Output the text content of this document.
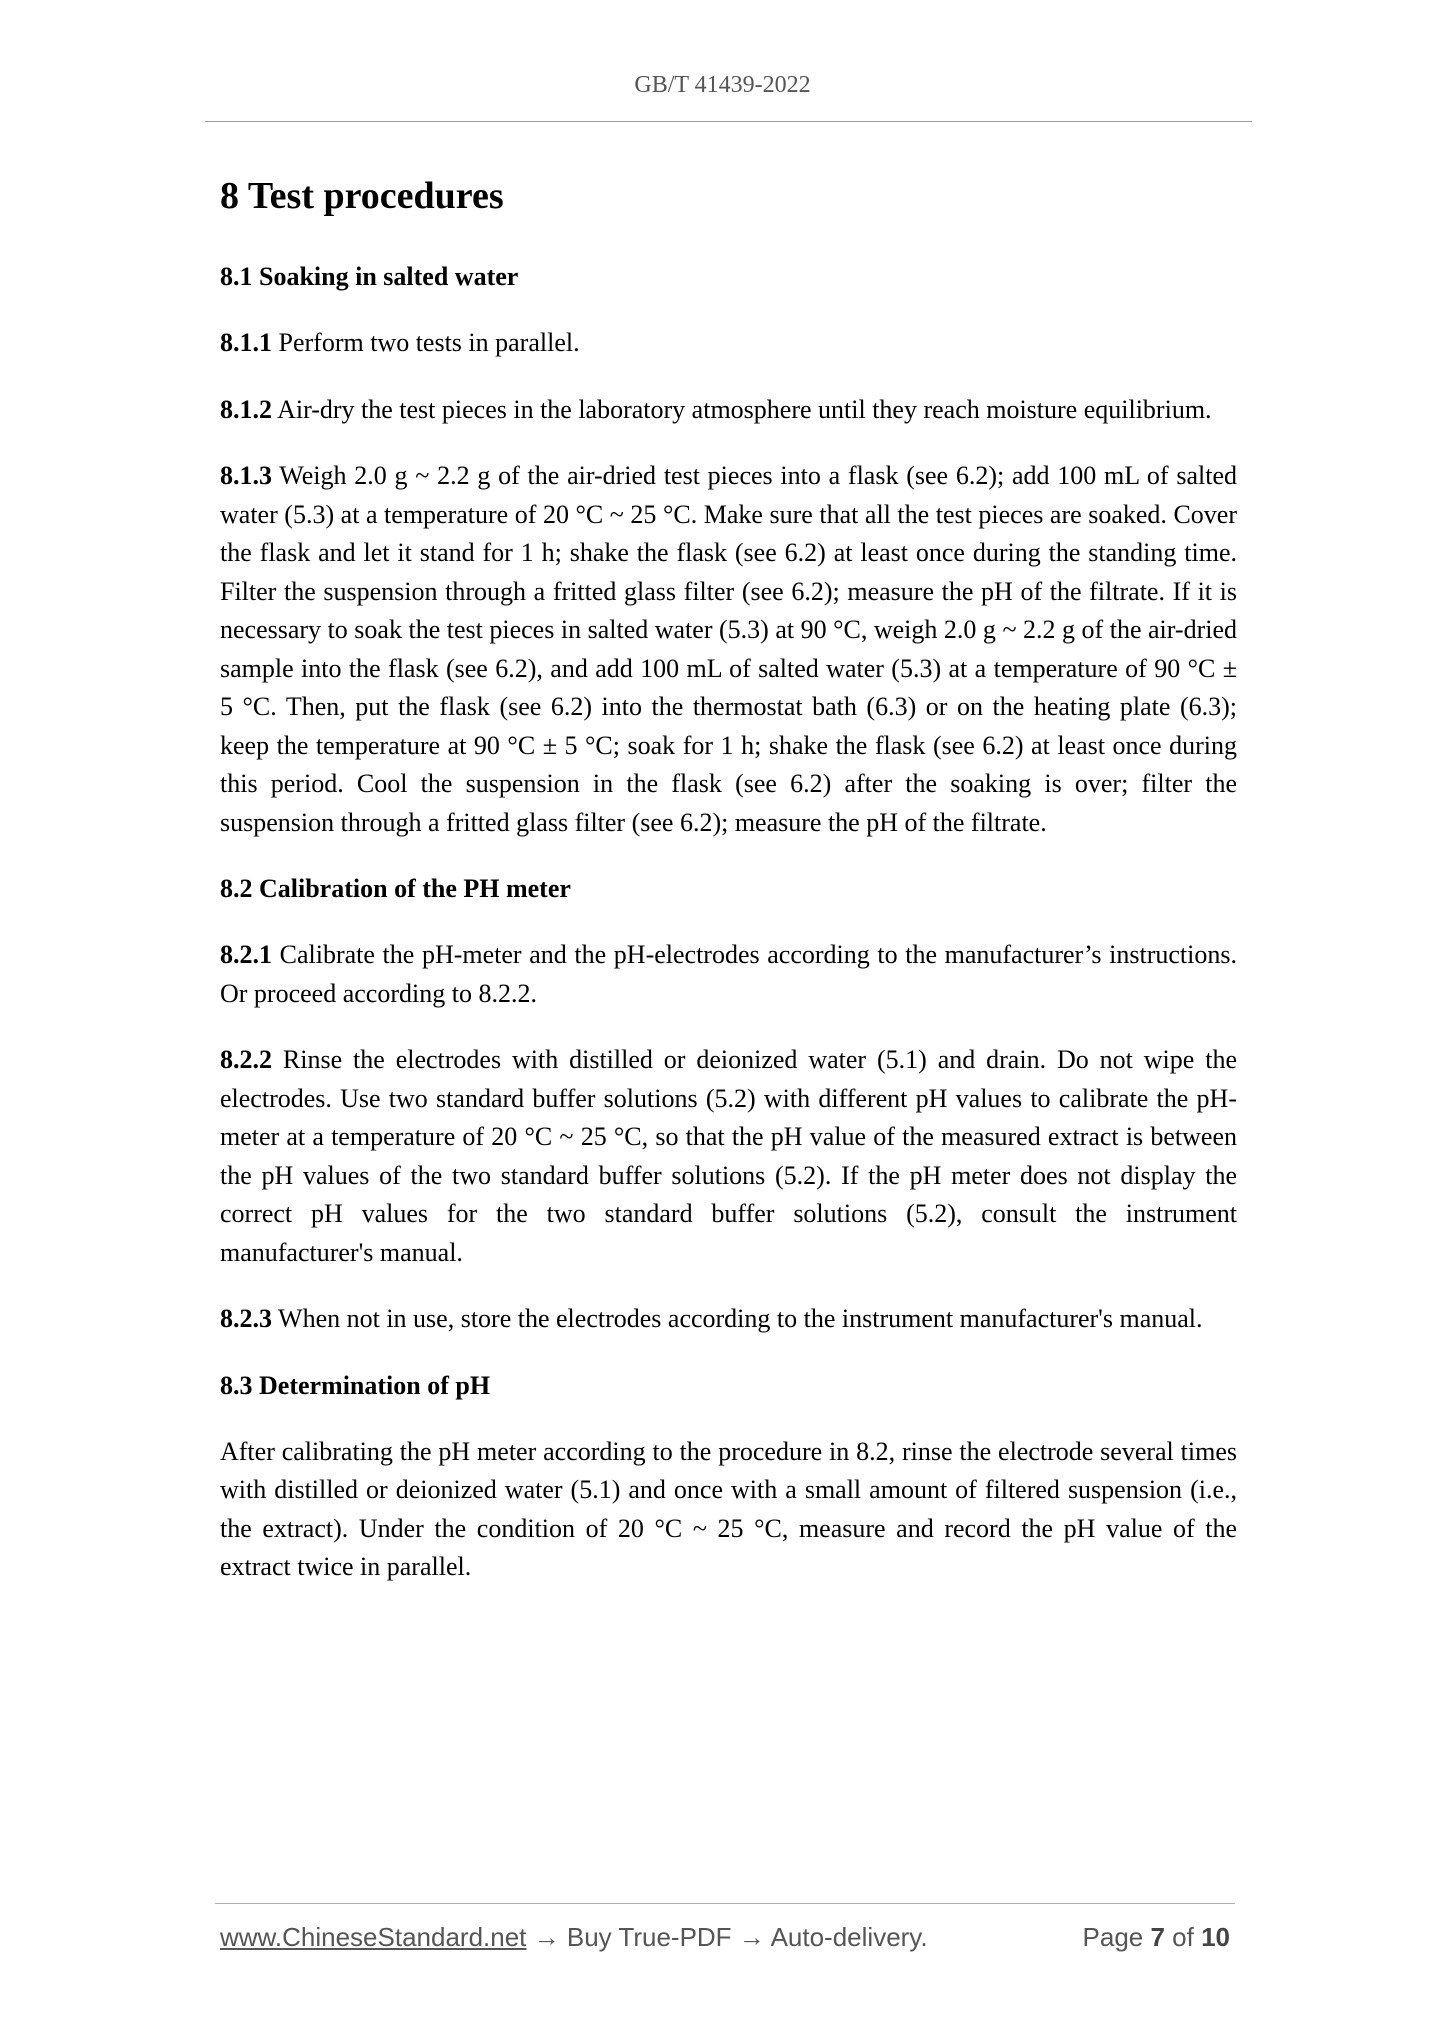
GB/T 41439-2022
8 Test procedures
8.1 Soaking in salted water

8.1.1 Perform two tests in parallel.

8.1.2 Air-dry the test pieces in the laboratory atmosphere until they reach moisture equilibrium.

8.1.3 Weigh 2.0 g ~ 2.2 g of the air-dried test pieces into a flask (see 6.2); add 100 mL of salted water (5.3) at a temperature of 20 °C ~ 25 °C. Make sure that all the test pieces are soaked. Cover the flask and let it stand for 1 h; shake the flask (see 6.2) at least once during the standing time. Filter the suspension through a fritted glass filter (see 6.2); measure the pH of the filtrate. If it is necessary to soak the test pieces in salted water (5.3) at 90 °C, weigh 2.0 g ~ 2.2 g of the air-dried sample into the flask (see 6.2), and add 100 mL of salted water (5.3) at a temperature of 90 °C ± 5 °C. Then, put the flask (see 6.2) into the thermostat bath (6.3) or on the heating plate (6.3); keep the temperature at 90 °C ± 5 °C; soak for 1 h; shake the flask (see 6.2) at least once during this period. Cool the suspension in the flask (see 6.2) after the soaking is over; filter the suspension through a fritted glass filter (see 6.2); measure the pH of the filtrate.

8.2 Calibration of the PH meter

8.2.1 Calibrate the pH-meter and the pH-electrodes according to the manufacturer’s instructions. Or proceed according to 8.2.2.

8.2.2 Rinse the electrodes with distilled or deionized water (5.1) and drain. Do not wipe the electrodes. Use two standard buffer solutions (5.2) with different pH values to calibrate the pH-meter at a temperature of 20 °C ~ 25 °C, so that the pH value of the measured extract is between the pH values of the two standard buffer solutions (5.2). If the pH meter does not display the correct pH values for the two standard buffer solutions (5.2), consult the instrument manufacturer's manual.

8.2.3 When not in use, store the electrodes according to the instrument manufacturer's manual.

8.3 Determination of pH

After calibrating the pH meter according to the procedure in 8.2, rinse the electrode several times with distilled or deionized water (5.1) and once with a small amount of filtered suspension (i.e., the extract). Under the condition of 20 °C ~ 25 °C, measure and record the pH value of the extract twice in parallel.

www.ChineseStandard.net → Buy True-PDF → Auto-delivery.	Page 7 of 10
